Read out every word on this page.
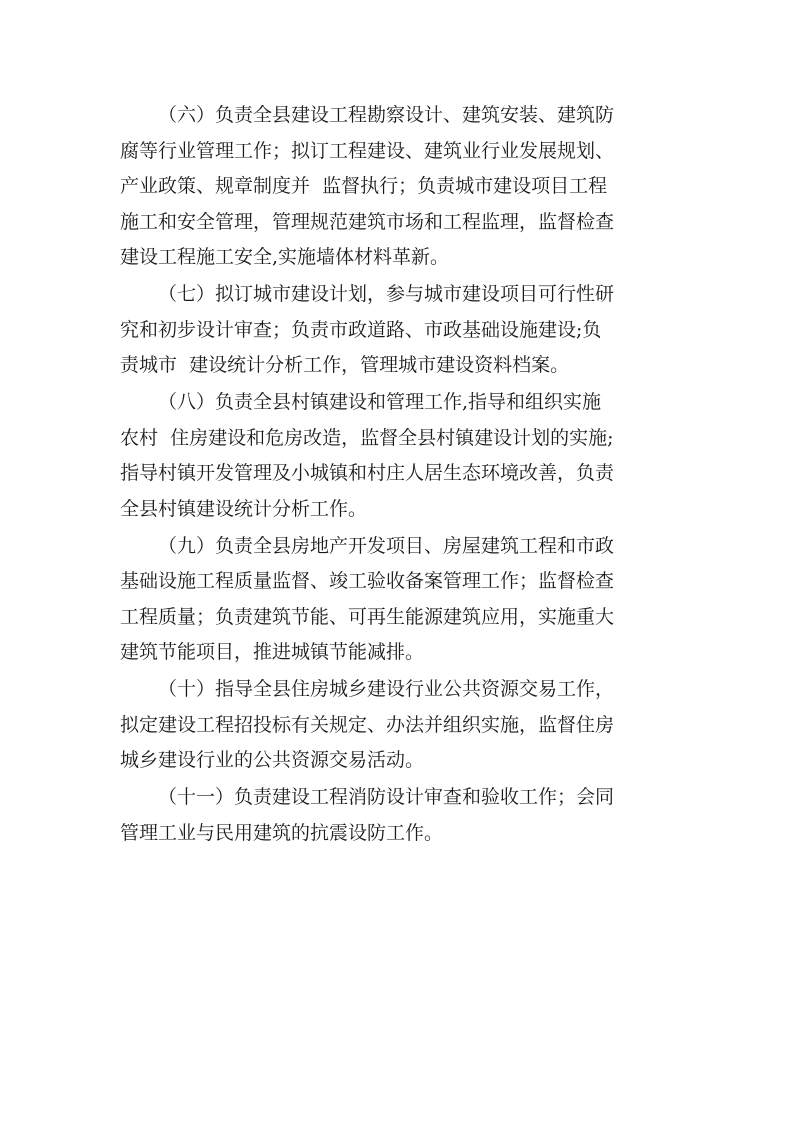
（六）负责全县建设工程勘察设计、建筑安装、建筑防
腐等行业管理工作；拟订工程建设、建筑业行业发展规划、
产业政策、规章制度并  监督执行；负责城市建设项目工程
施工和安全管理，管理规范建筑市场和工程监理，监督检查
建设工程施工安全,实施墙体材料革新。
（七）拟订城市建设计划，参与城市建设项目可行性研
究和初步设计审查；负责市政道路、市政基础设施建设;负
责城市  建设统计分析工作，管理城市建设资料档案。
（八）负责全县村镇建设和管理工作,指导和组织实施
农村  住房建设和危房改造，监督全县村镇建设计划的实施;
指导村镇开发管理及小城镇和村庄人居生态环境改善，负责
全县村镇建设统计分析工作。
（九）负责全县房地产开发项目、房屋建筑工程和市政
基础设施工程质量监督、竣工验收备案管理工作；监督检查
工程质量；负责建筑节能、可再生能源建筑应用，实施重大
建筑节能项目，推进城镇节能减排。
（十）指导全县住房城乡建设行业公共资源交易工作，
拟定建设工程招投标有关规定、办法并组织实施，监督住房
城乡建设行业的公共资源交易活动。
（十一）负责建设工程消防设计审查和验收工作；会同
管理工业与民用建筑的抗震设防工作。
